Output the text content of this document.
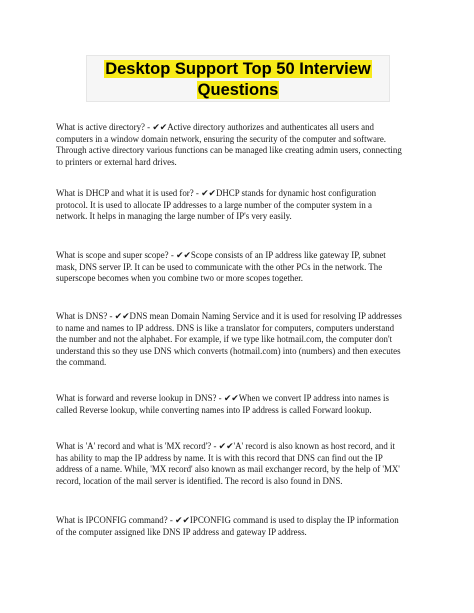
Desktop Support Top 50 Interview
Questions
What is active directory? - ✔✔Active directory authorizes and authenticates all users and
computers in a window domain network, ensuring the security of the computer and software.
Through active directory various functions can be managed like creating admin users, connecting
to printers or external hard drives.
What is DHCP and what it is used for? - ✔✔DHCP stands for dynamic host configuration
protocol. It is used to allocate IP addresses to a large number of the computer system in a
network. It helps in managing the large number of IP's very easily.
What is scope and super scope? - ✔✔Scope consists of an IP address like gateway IP, subnet
mask, DNS server IP. It can be used to communicate with the other PCs in the network. The
superscope becomes when you combine two or more scopes together.
What is DNS? - ✔✔DNS mean Domain Naming Service and it is used for resolving IP addresses
to name and names to IP address. DNS is like a translator for computers, computers understand
the number and not the alphabet. For example, if we type like hotmail.com, the computer don't
understand this so they use DNS which converts (hotmail.com) into (numbers) and then executes
the command.
What is forward and reverse lookup in DNS? - ✔✔When we convert IP address into names is
called Reverse lookup, while converting names into IP address is called Forward lookup.
What is 'A' record and what is 'MX record'? - ✔✔'A' record is also known as host record, and it
has ability to map the IP address by name. It is with this record that DNS can find out the IP
address of a name. While, 'MX record' also known as mail exchanger record, by the help of 'MX'
record, location of the mail server is identified. The record is also found in DNS.
What is IPCONFIG command? - ✔✔IPCONFIG command is used to display the IP information
of the computer assigned like DNS IP address and gateway IP address.
